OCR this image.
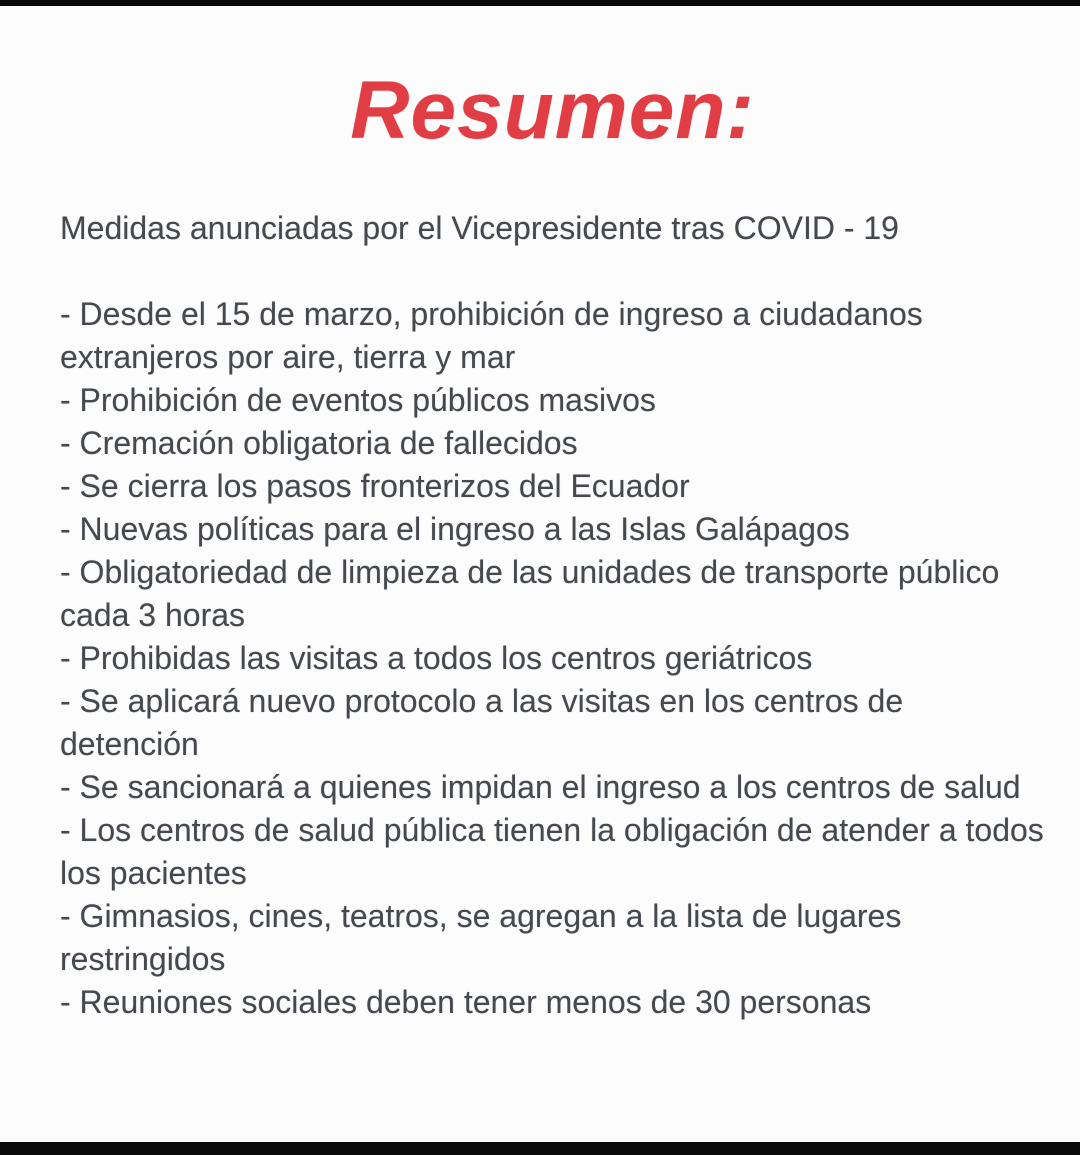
Resumen:

Medidas anunciadas por el Vicepresidente tras COVID - 19

- Desde el 15 de marzo, prohibición de ingreso a ciudadanos extranjeros por aire, tierra y mar

- Prohibición de eventos públicos masivos

- Cremación obligatoria de fallecidos

- Se cierra los pasos fronterizos del Ecuador

- Nuevas políticas para el ingreso a las Islas Galápagos

- Obligatoriedad de limpieza de las unidades de transporte público cada 3 horas

- Prohibidas las visitas a todos los centros geriátricos

- Se aplicará nuevo protocolo a las visitas en los centros de detención

- Se sancionará a quienes impidan el ingreso a los centros de salud

- Los centros de salud pública tienen la obligación de atender a todos los pacientes

- Gimnasios, cines, teatros, se agregan a la lista de lugares restringidos

- Reuniones sociales deben tener menos de 30 personas
